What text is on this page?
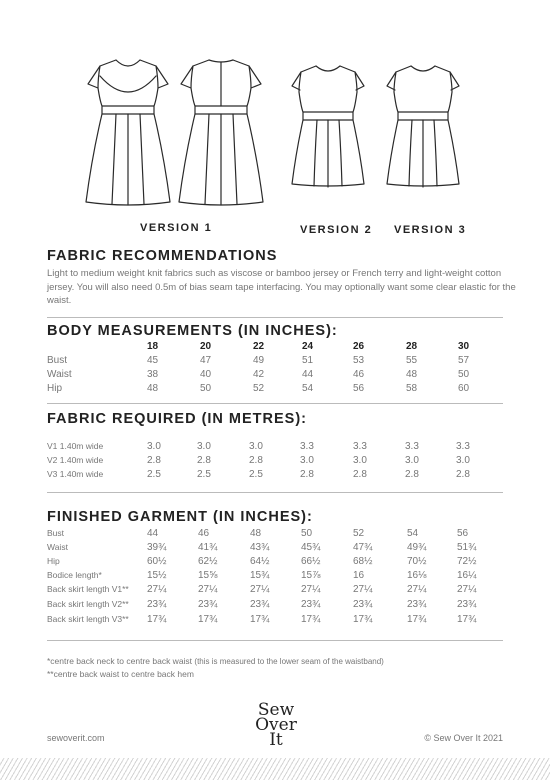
VERSION 1	VERSION 2 VERSION 3
FABRIC RECOMMENDATIONS

Light to medium weight knit fabrics such as viscose or bamboo jersey or French terry and light-weight cotton jersey. You will also need 0.5m of bias seam tape interfacing. You may optionally want some clear elastic for the waist.

BODY MEASUREMENTS (IN INCHES):
18	20	22	24	26	28	30
Bust	45	47	49	51	53	55	57
Waist	38	40	42	44	46	48	50
Hip	48	50	52	54	56	58	60
FABRIC REQUIRED (IN METRES):
V1 1.40m wide	3.0	3.0	3.0	3.3	3.3	3.3	3.3
V2 1.40m wide	2.8	2.8	2.8	3.0	3.0	3.0	3.0
V3 1.40m wide	2.5	2.5	2.5	2.8	2.8	2.8	2.8
FINISHED GARMENT (IN INCHES):
Bust	44	46	48	50	52	54	56
Waist	39¾	41¾	43¾	45¾	47¾	49¾	51¾
Hip	60½	62½	64½	66½	68½	70½	72½
Bodice length*	15½	15⅝	15¾	15⅞	16	16⅛	16¼
Back skirt length V1** 27¼	27¼	27¼	27¼	27¼	27¼	27¼
Back skirt length V2** 23¾	23¾	23¾	23¾	23¾	23¾	23¾
Back skirt length V3** 17¾	17¾	17¾	17¾	17¾	17¾	17¾
*centre back neck to centre back waist (this is measured to the lower seam of the waistband)
**centre back waist to centre back hem
Sew
Over It
sewoverit.com	© Sew Over It 2021
